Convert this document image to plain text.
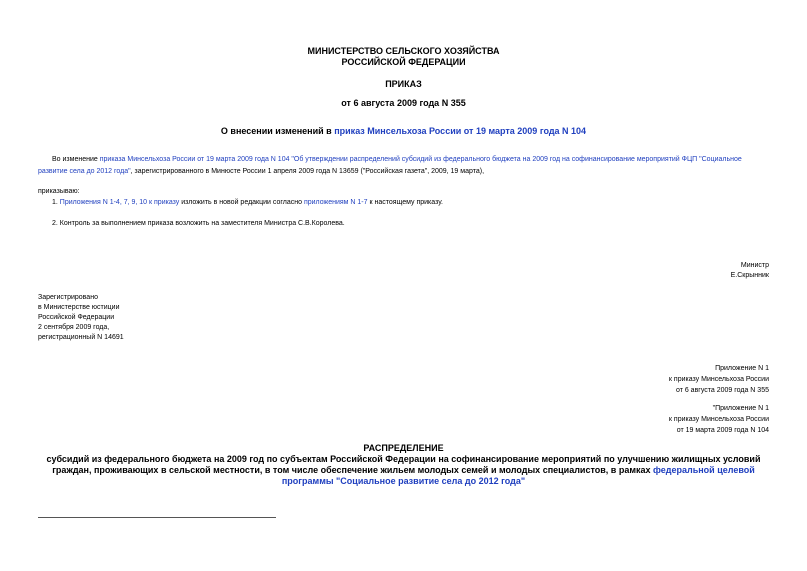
МИНИСТЕРСТВО СЕЛЬСКОГО ХОЗЯЙСТВА
РОССИЙСКОЙ ФЕДЕРАЦИИ
ПРИКАЗ
от 6 августа 2009 года N 355
О внесении изменений в приказ Минсельхоза России от 19 марта 2009 года N 104
Во изменение приказа Минсельхоза России от 19 марта 2009 года N 104 "Об утверждении распределений субсидий из федерального бюджета на 2009 год на софинансирование мероприятий ФЦП "Социальное
развитие села до 2012 года", зарегистрированного в Минюсте России 1 апреля 2009 года N 13659 ("Российская газета", 2009, 19 марта),
приказываю:
1. Приложения N 1-4, 7, 9, 10 к приказу изложить в новой редакции согласно приложениям N 1-7 к настоящему приказу.
2. Контроль за выполнением приказа возложить на заместителя Министра С.В.Королева.
Министр
Е.Скрынник
Зарегистрировано
в Министерстве юстиции
Российской Федерации
2 сентября 2009 года,
регистрационный N 14691
Приложение N 1
к приказу Минсельхоза России
от 6 августа 2009 года N 355
"Приложение N 1
к приказу Минсельхоза России
от 19 марта 2009 года N 104
РАСПРЕДЕЛЕНИЕ
субсидий из федерального бюджета на 2009 год по субъектам Российской Федерации на софинансирование мероприятий по улучшению жилищных условий
граждан, проживающих в сельской местности, в том числе обеспечение жильем молодых семей и молодых специалистов, в рамках федеральной целевой
программы "Социальное развитие села до 2012 года"
